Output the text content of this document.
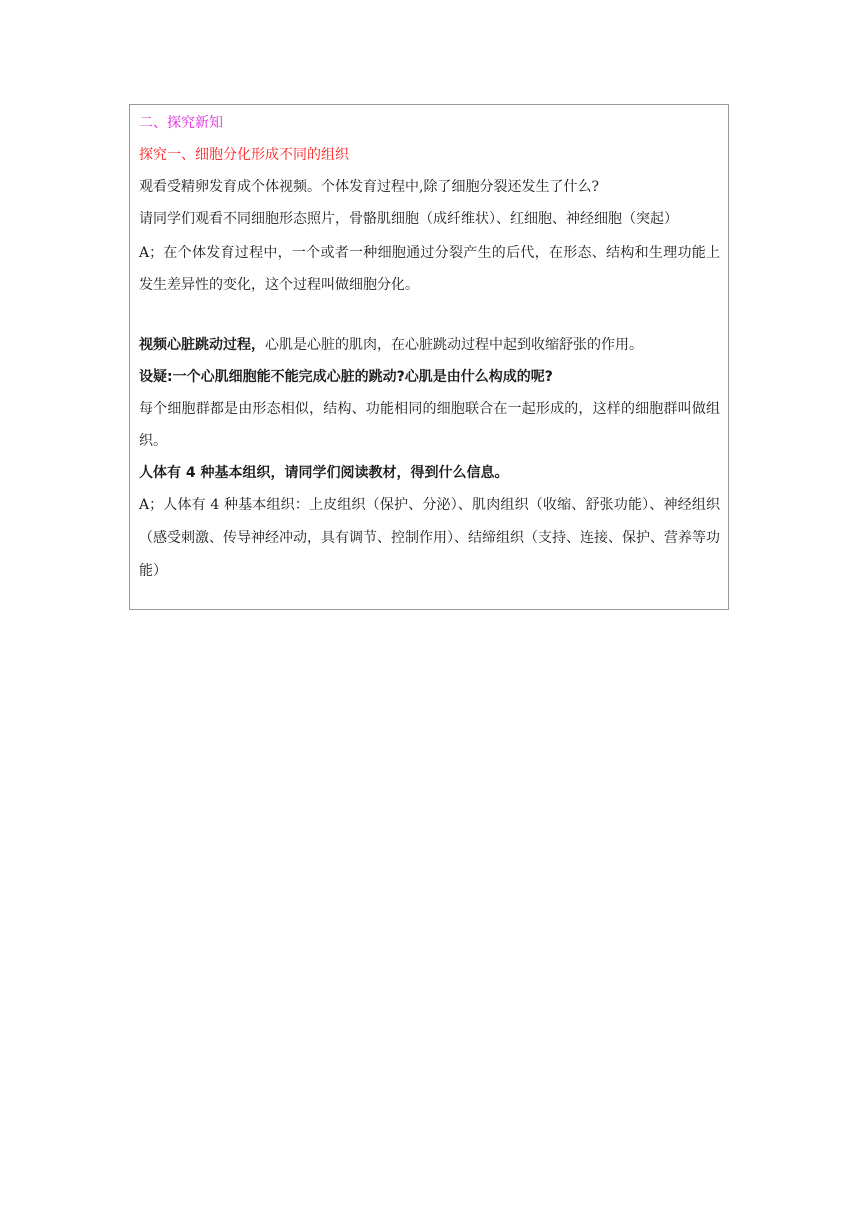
二、探究新知

探究一、细胞分化形成不同的组织

观看受精卵发育成个体视频。个体发育过程中,除了细胞分裂还发生了什么?

请同学们观看不同细胞形态照片，骨骼肌细胞（成纤维状）、红细胞、神经细胞（突起）

A；在个体发育过程中，一个或者一种细胞通过分裂产生的后代，在形态、结构和生理功能上发生差异性的变化，这个过程叫做细胞分化。

视频心脏跳动过程，心肌是心脏的肌肉，在心脏跳动过程中起到收缩舒张的作用。

设疑:一个心肌细胞能不能完成心脏的跳动?心肌是由什么构成的呢?

每个细胞群都是由形态相似，结构、功能相同的细胞联合在一起形成的，这样的细胞群叫做组织。

人体有 4 种基本组织，请同学们阅读教材，得到什么信息。

A；人体有 4 种基本组织：上皮组织（保护、分泌）、肌肉组织（收缩、舒张功能）、神经组织（感受刺激、传导神经冲动，具有调节、控制作用）、结缔组织（支持、连接、保护、营养等功能）
